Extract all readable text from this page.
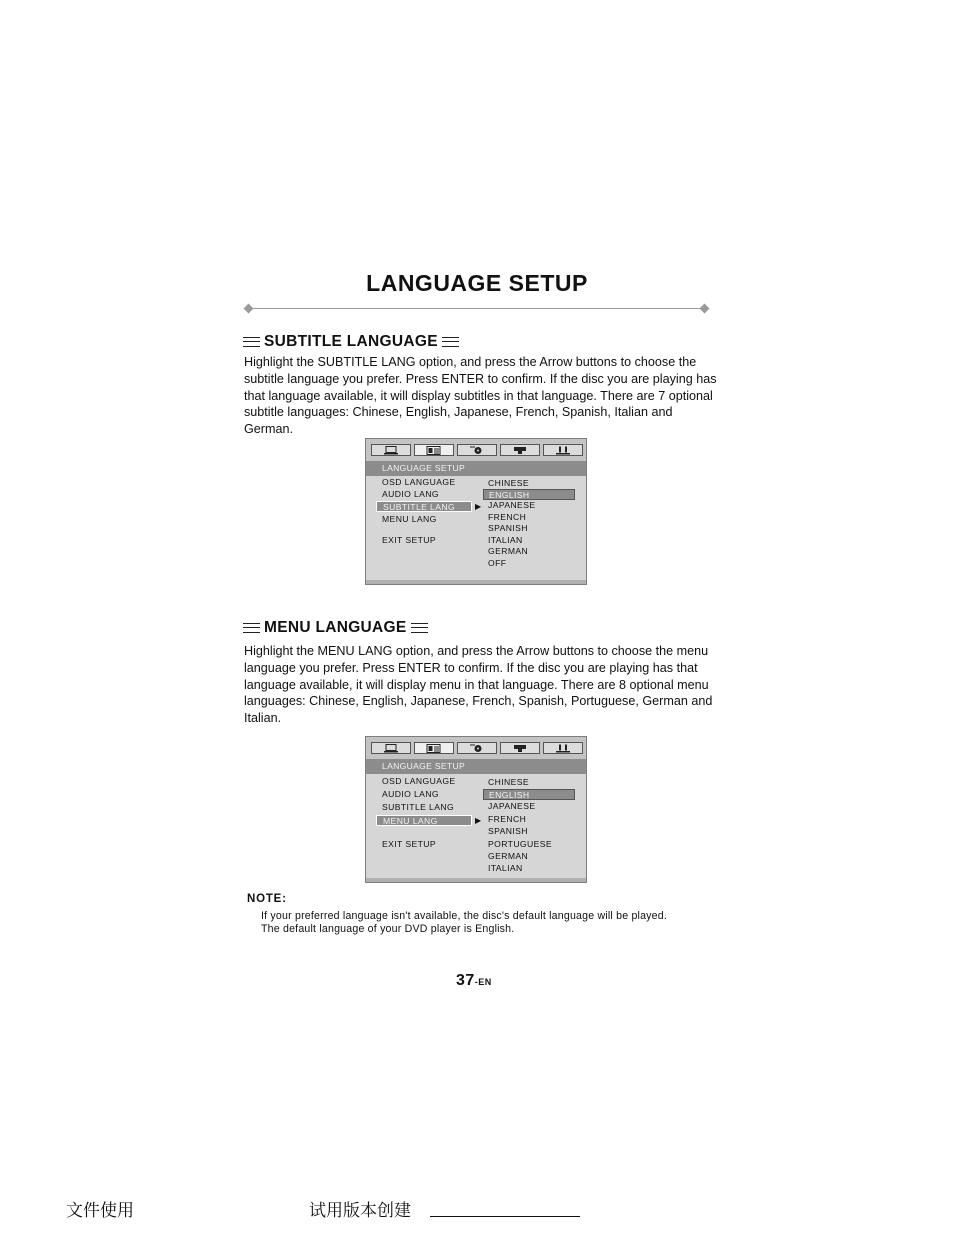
LANGUAGE SETUP
SUBTITLE LANGUAGE
Highlight the SUBTITLE LANG option, and press the Arrow buttons to choose the
subtitle language you prefer. Press ENTER to confirm. If the disc you are playing has
that language available, it will display subtitles in that language. There are 7 optional
subtitle languages: Chinese, English, Japanese, French, Spanish, Italian and
German.
LANGUAGE SETUP
OSD LANGUAGE
AUDIO LANG
SUBTITLE LANG
MENU LANG
EXIT SETUP
▶
CHINESE
ENGLISH
JAPANESE
FRENCH
SPANISH
ITALIAN
GERMAN
OFF
MENU LANGUAGE
Highlight the MENU LANG option, and press the Arrow buttons to choose the menu
language you prefer. Press ENTER to confirm. If the disc you are playing has that
language available, it will display menu in that language. There are 8 optional menu
languages: Chinese, English, Japanese, French, Spanish, Portuguese, German and
Italian.
LANGUAGE SETUP
OSD LANGUAGE
AUDIO LANG
SUBTITLE LANG
MENU LANG
EXIT SETUP
▶
CHINESE
ENGLISH
JAPANESE
FRENCH
SPANISH
PORTUGUESE
GERMAN
ITALIAN
NOTE:
If your preferred language isn't available, the disc's default language will be played.
The default language of your DVD player is English.
37-EN
文件使用	试用版本创建
